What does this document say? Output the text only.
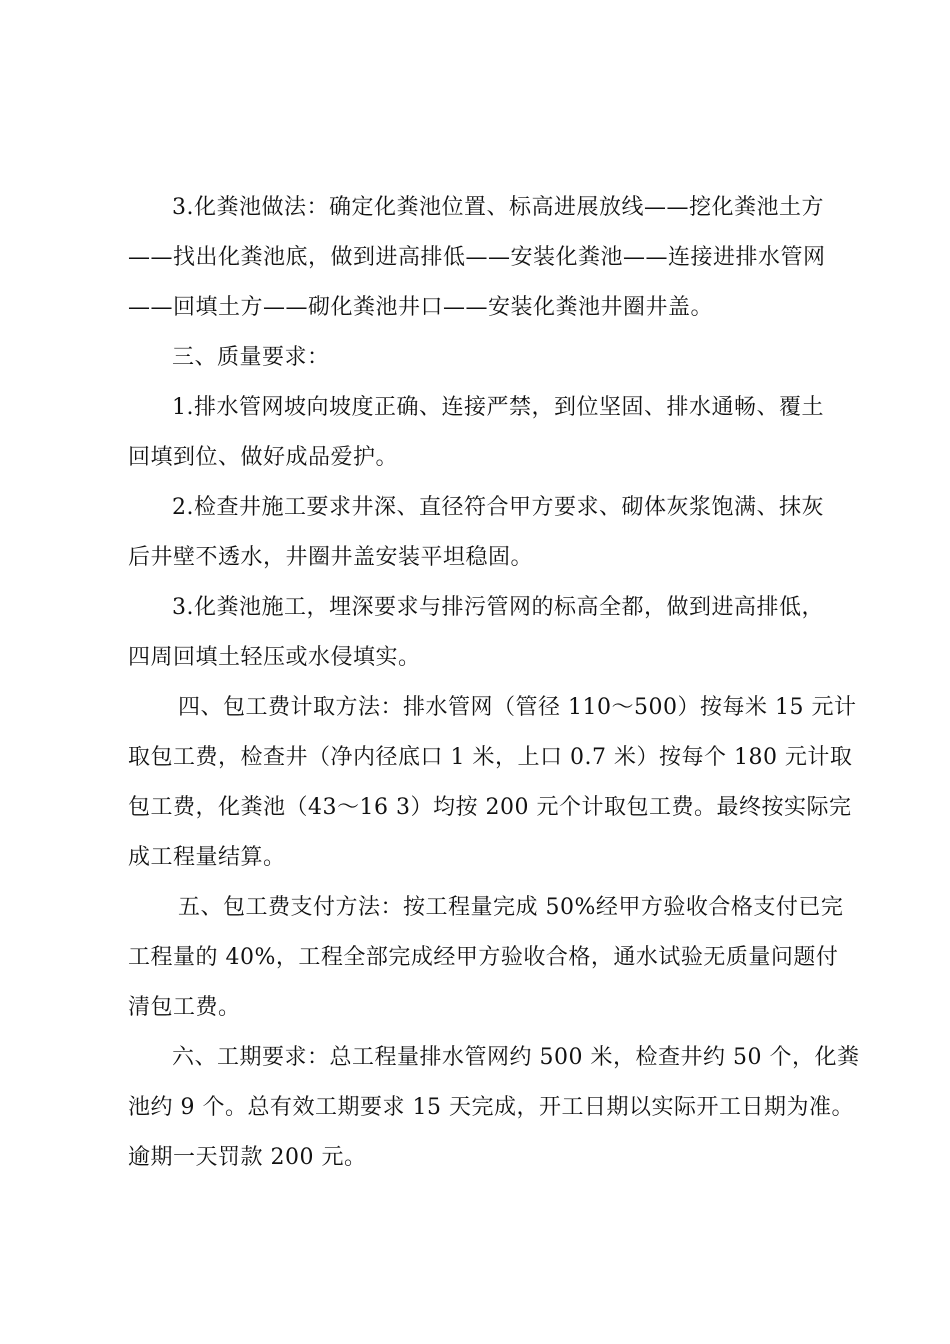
3.化粪池做法：确定化粪池位置、标高进展放线——挖化粪池土方
——找出化粪池底，做到进高排低——安装化粪池——连接进排水管网
——回填土方——砌化粪池井口——安装化粪池井圈井盖。
三、质量要求：
1.排水管网坡向坡度正确、连接严禁，到位坚固、排水通畅、覆土
回填到位、做好成品爱护。
2.检查井施工要求井深、直径符合甲方要求、砌体灰浆饱满、抹灰
后井壁不透水，井圈井盖安装平坦稳固。
3.化粪池施工，埋深要求与排污管网的标高全都，做到进高排低，
四周回填土轻压或水侵填实。
四、包工费计取方法：排水管网（管径 110～500）按每米 15 元计
取包工费，检查井（净内径底口 1 米，上口 0.7 米）按每个 180 元计取
包工费，化粪池（43～16 3）均按 200 元个计取包工费。最终按实际完
成工程量结算。
五、包工费支付方法：按工程量完成 50%经甲方验收合格支付已完
工程量的 40%，工程全部完成经甲方验收合格，通水试验无质量问题付
清包工费。
六、工期要求：总工程量排水管网约 500 米，检查井约 50 个，化粪
池约 9 个。总有效工期要求 15 天完成，开工日期以实际开工日期为准。
逾期一天罚款 200 元。
